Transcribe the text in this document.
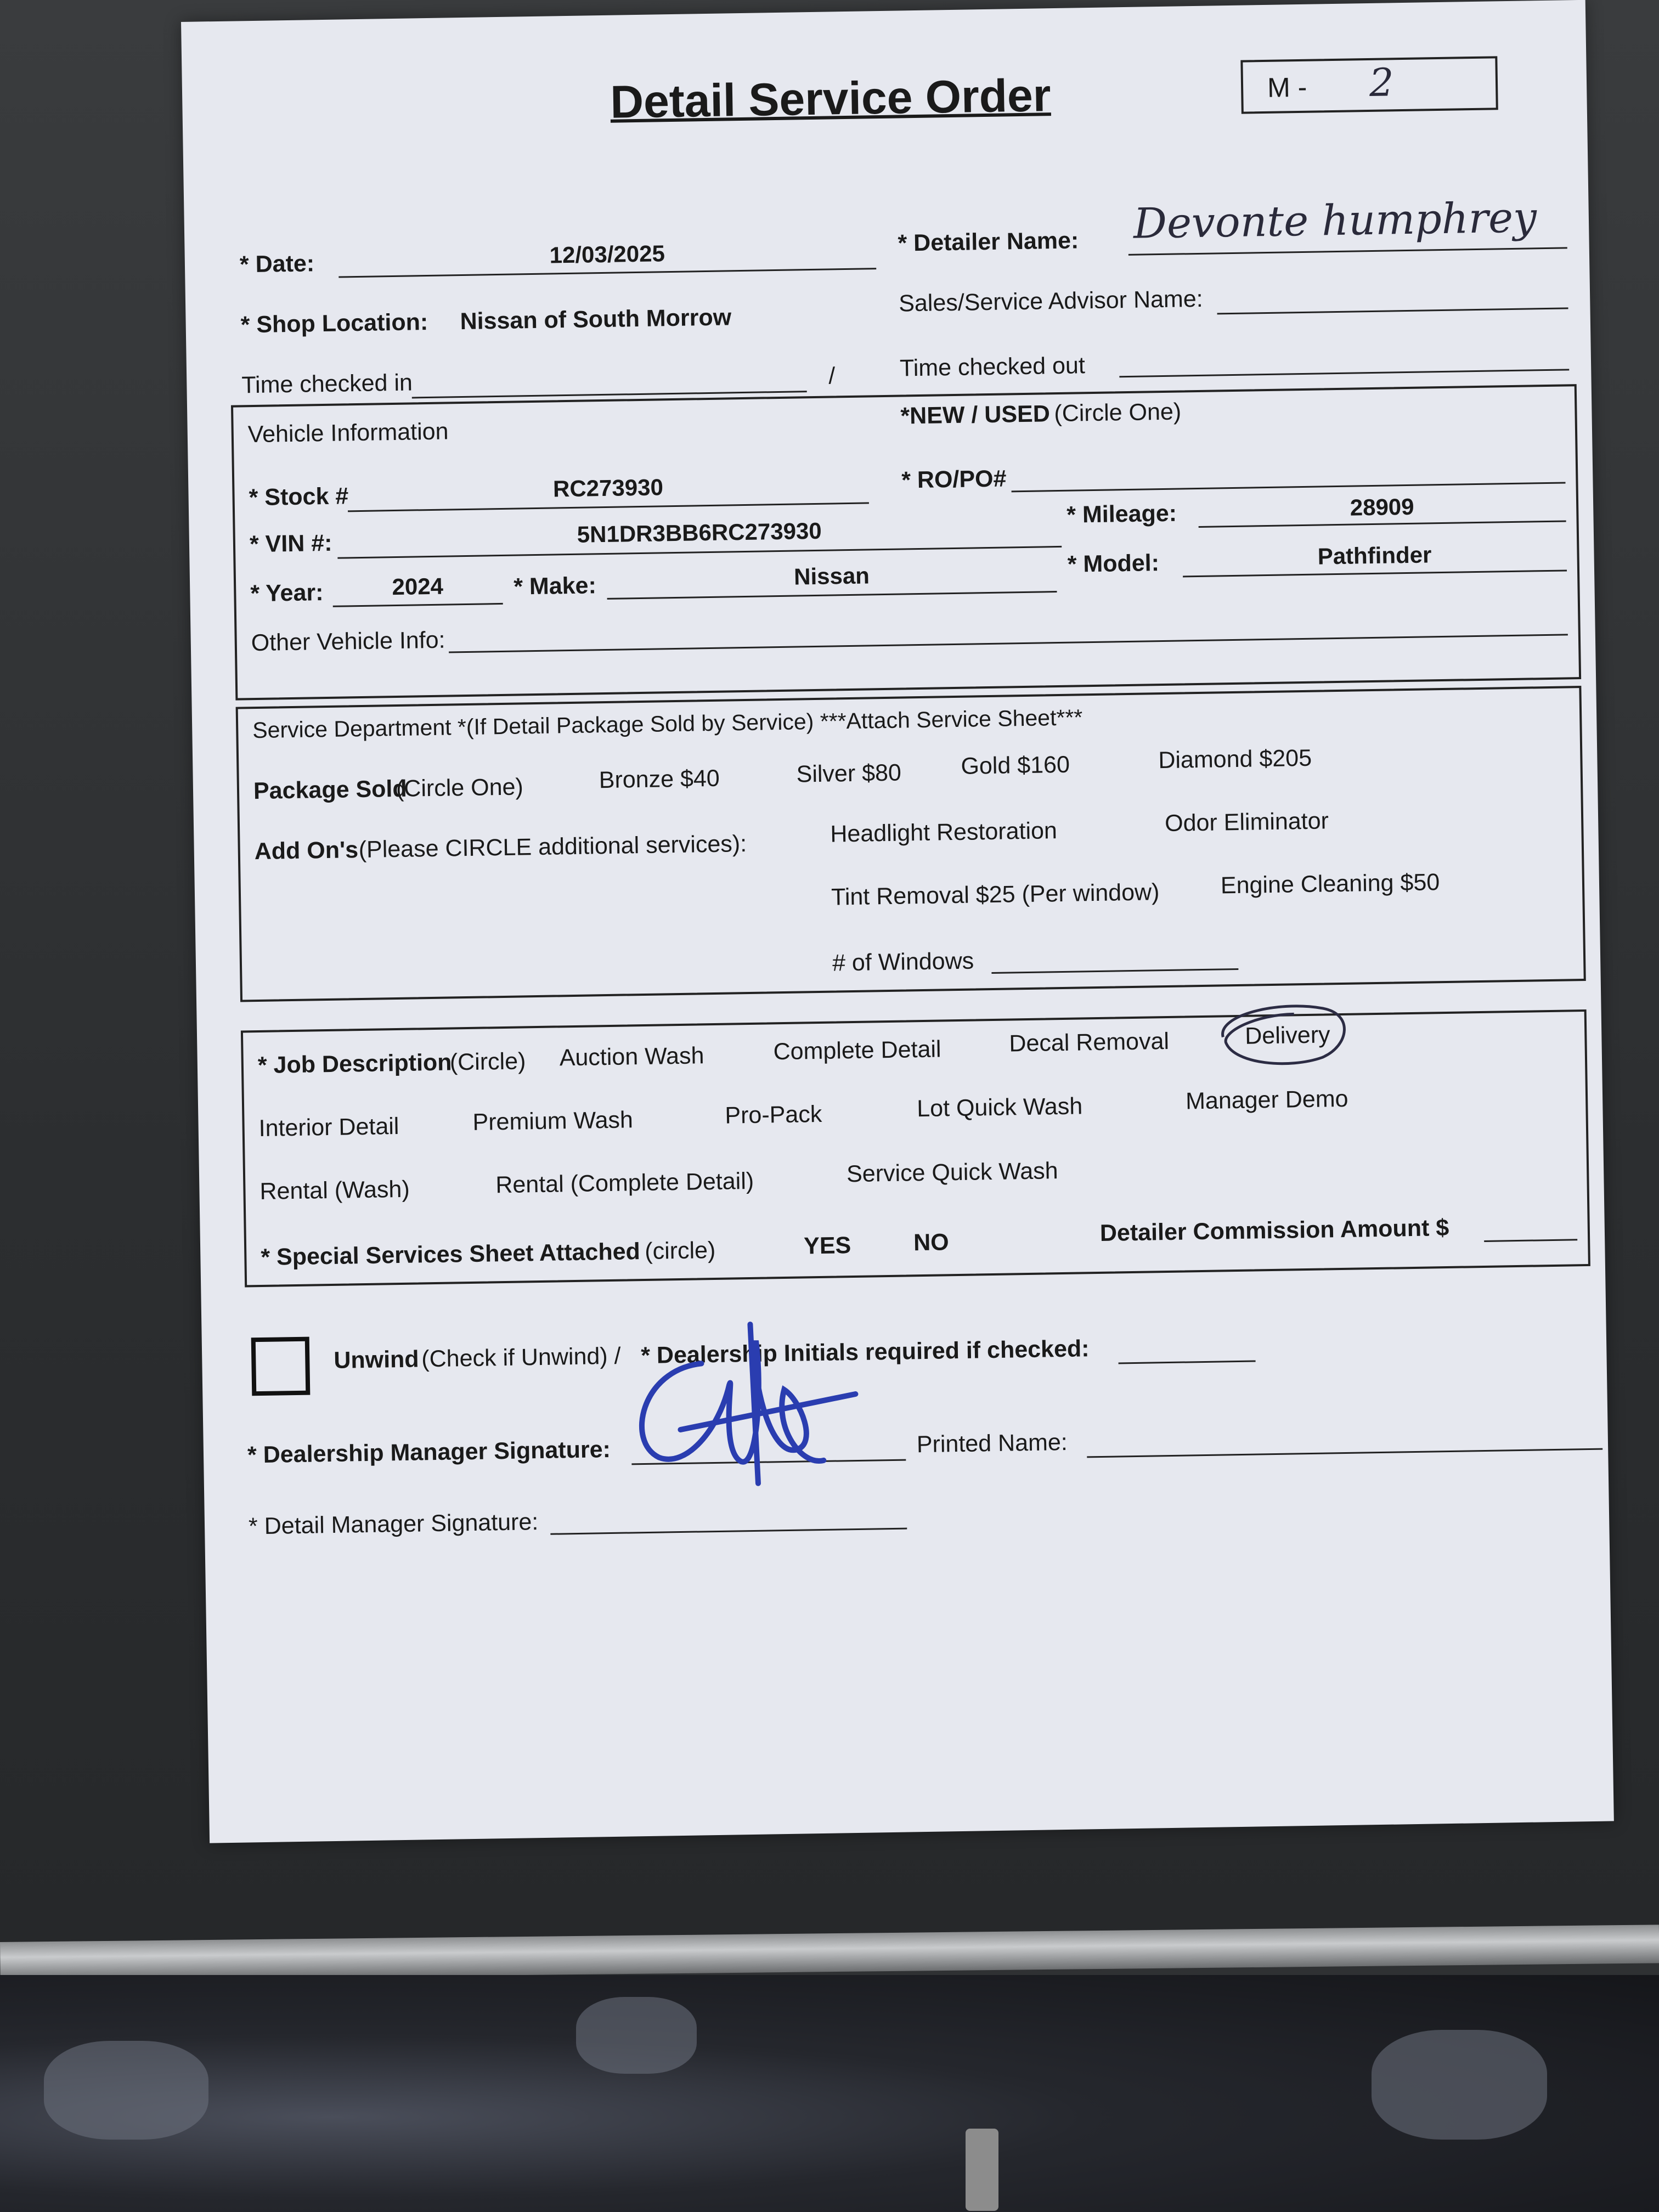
Detail Service Order	M - 2
* Date:	12/03/2025	* Detailer Name: Devonte humphrey
* Shop Location: Nissan of South Morrow
Sales/Service Advisor Name:
Time checked in	/	Time checked out
Vehicle Information
*NEW / USED (Circle One)
* Stock #	RC273930	* RO/PO#
* Mileage:	28909
* VIN #:	5N1DR3BB6RC273930
* Model:	Pathfinder
* Year:	2024	* Make:	Nissan
Other Vehicle Info:
Service Department *(If Detail Package Sold by Service) ***Attach Service Sheet***
Package Sold
(Circle One)	Bronze $40	Silver $80	Gold $160	Diamond $205
Add On's (Please CIRCLE additional services):	Headlight Restoration	Odor Eliminator
Tint Removal $25 (Per window)	Engine Cleaning $50
# of Windows
* Job Description
(Circle) Auction Wash	Complete Detail	Decal Removal	Delivery
Interior Detail	Premium Wash	Pro-Pack	Lot Quick Wash	Manager Demo
Rental (Wash)	Rental (Complete Detail)	Service Quick Wash
* Special Services Sheet Attached (circle)	YES	NO	Detailer Commission Amount $
Unwind (Check if Unwind) / * Dealership Initials required if checked:
* Dealership Manager Signature:	Printed Name:
* Detail Manager Signature:
